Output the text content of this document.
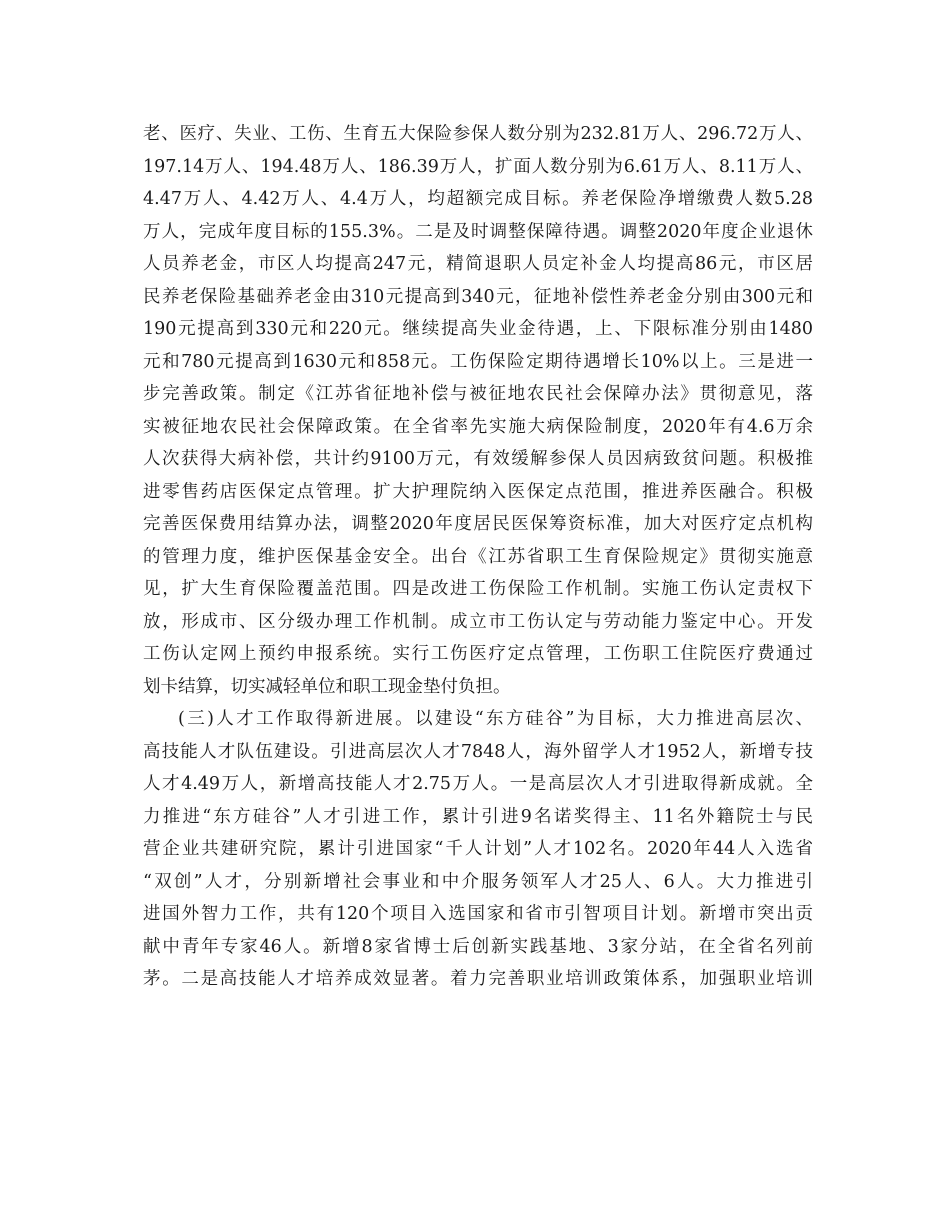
老、医疗、失业、工伤、生育五大保险参保人数分别为232.81万人、296.72万人、
197.14万人、194.48万人、186.39万人，扩面人数分别为6.61万人、8.11万人、
4.47万人、4.42万人、4.4万人，均超额完成目标。养老保险净增缴费人数5.28
万人，完成年度目标的155.3%。二是及时调整保障待遇。调整2020年度企业退休
人员养老金，市区人均提高247元，精简退职人员定补金人均提高86元，市区居
民养老保险基础养老金由310元提高到340元，征地补偿性养老金分别由300元和
190元提高到330元和220元。继续提高失业金待遇，上、下限标准分别由1480
元和780元提高到1630元和858元。工伤保险定期待遇增长10%以上。三是进一
步完善政策。制定《江苏省征地补偿与被征地农民社会保障办法》贯彻意见，落
实被征地农民社会保障政策。在全省率先实施大病保险制度，2020年有4.6万余
人次获得大病补偿，共计约9100万元，有效缓解参保人员因病致贫问题。积极推
进零售药店医保定点管理。扩大护理院纳入医保定点范围，推进养医融合。积极
完善医保费用结算办法，调整2020年度居民医保筹资标准，加大对医疗定点机构
的管理力度，维护医保基金安全。出台《江苏省职工生育保险规定》贯彻实施意
见，扩大生育保险覆盖范围。四是改进工伤保险工作机制。实施工伤认定责权下
放，形成市、区分级办理工作机制。成立市工伤认定与劳动能力鉴定中心。开发
工伤认定网上预约申报系统。实行工伤医疗定点管理，工伤职工住院医疗费通过
划卡结算，切实减轻单位和职工现金垫付负担。
(三)人才工作取得新进展。以建设“东方硅谷”为目标，大力推进高层次、
高技能人才队伍建设。引进高层次人才7848人，海外留学人才1952人，新增专技
人才4.49万人，新增高技能人才2.75万人。一是高层次人才引进取得新成就。全
力推进“东方硅谷”人才引进工作，累计引进9名诺奖得主、11名外籍院士与民
营企业共建研究院，累计引进国家“千人计划”人才102名。2020年44人入选省
“双创”人才，分别新增社会事业和中介服务领军人才25人、6人。大力推进引
进国外智力工作，共有120个项目入选国家和省市引智项目计划。新增市突出贡
献中青年专家46人。新增8家省博士后创新实践基地、3家分站，在全省名列前
茅。二是高技能人才培养成效显著。着力完善职业培训政策体系，加强职业培训
